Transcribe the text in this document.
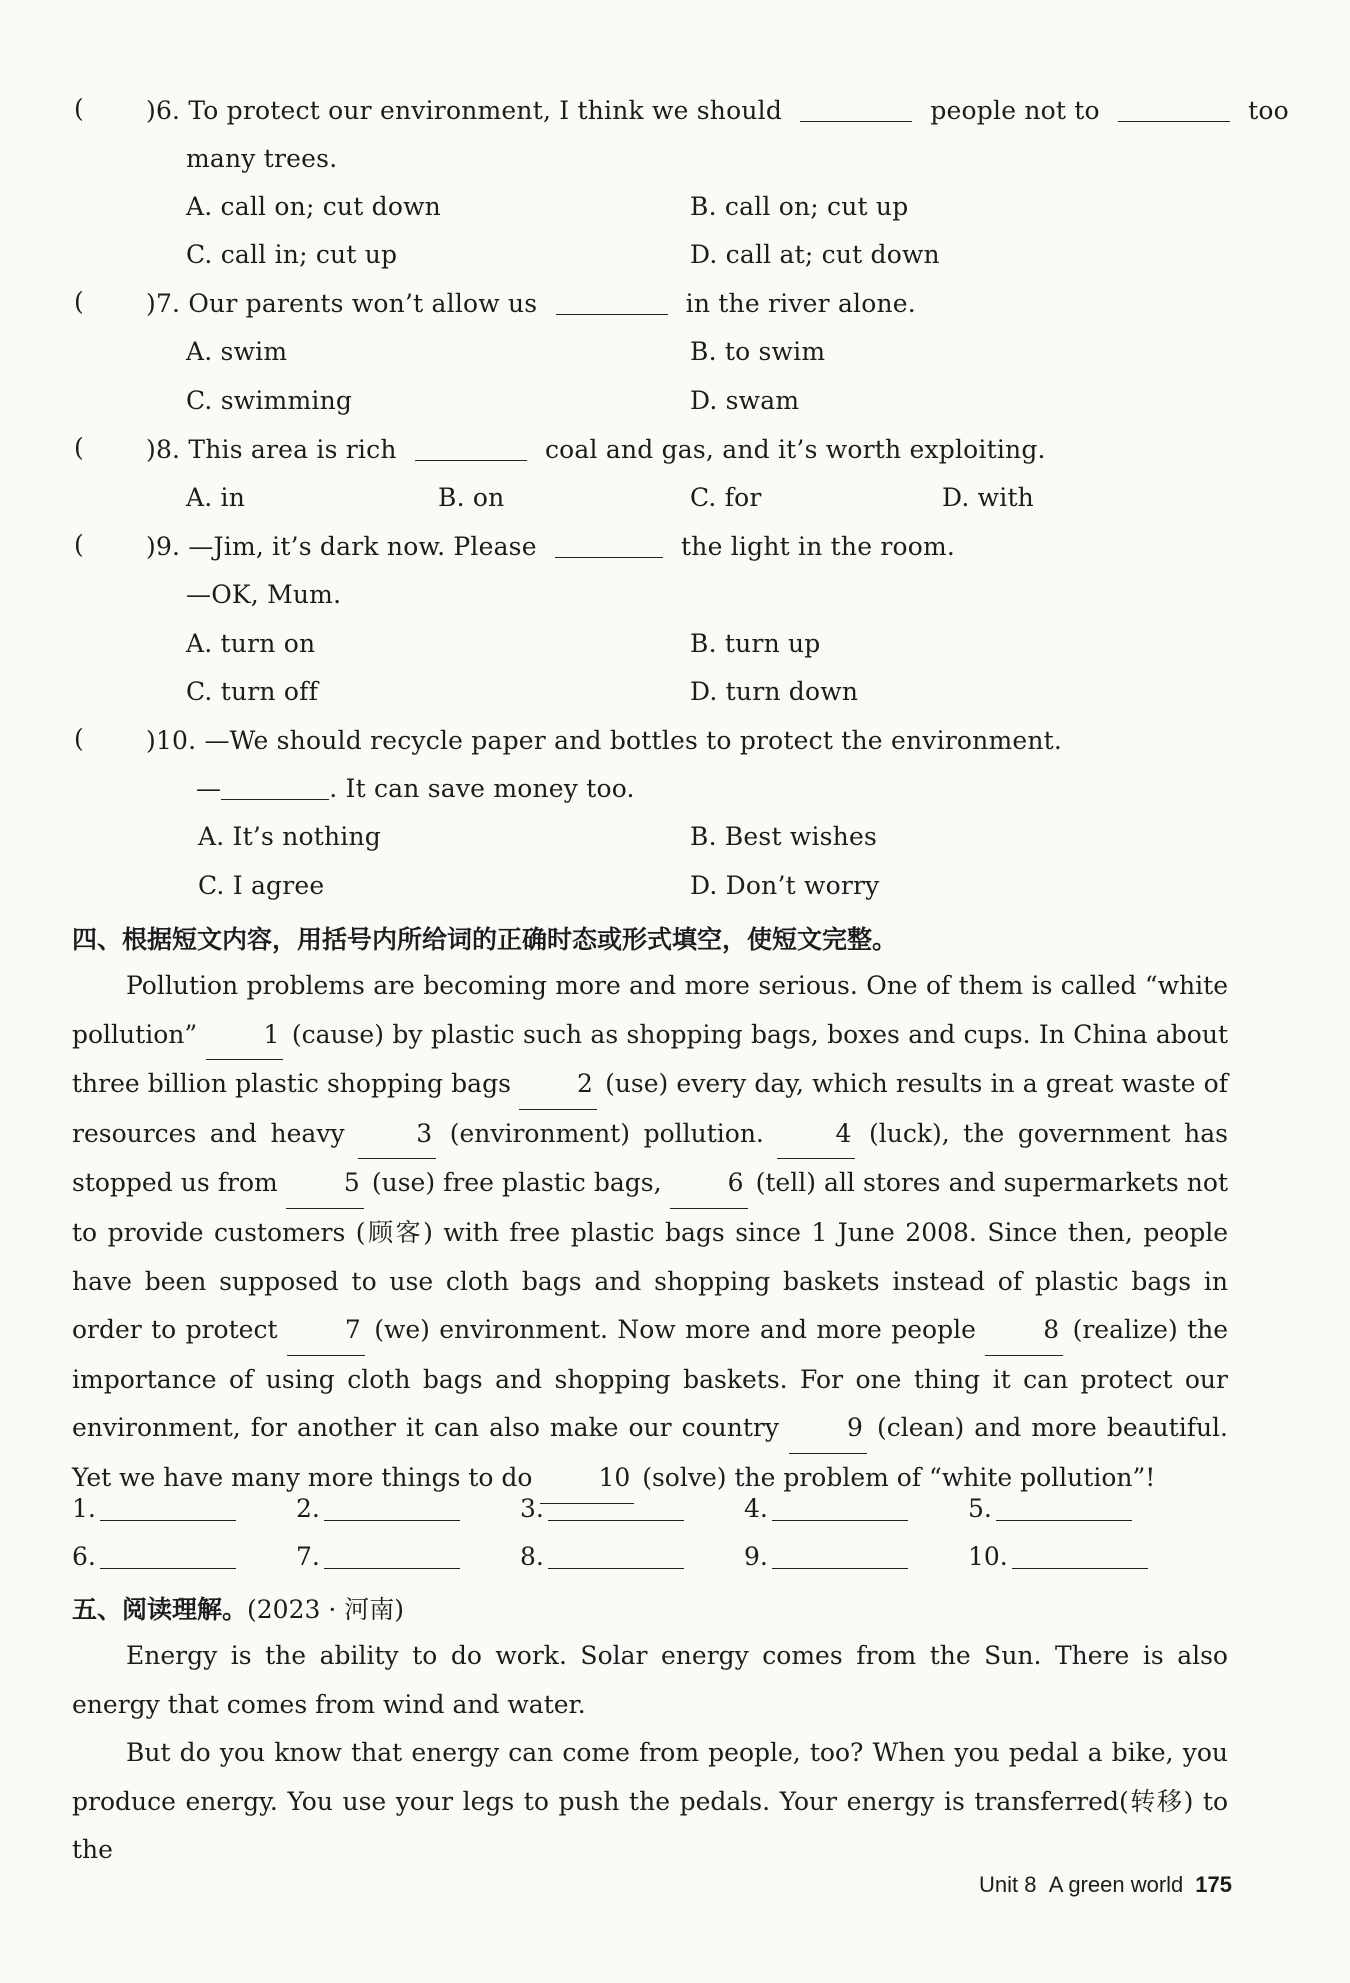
( )6. To protect our environment, I think we should	people not to	too
many trees.
A. call on; cut down	B. call on; cut up
C. call in; cut up	D. call at; cut down
( )7. Our parents won’t allow us	in the river alone.
A. swim	B. to swim
C. swimming	D. swam
( )8. This area is rich	coal and gas, and it’s worth exploiting.
A. in	B. on	C. for	D. with
( )9. —Jim, it’s dark now. Please	the light in the room.
—OK, Mum.
A. turn on	B. turn up
C. turn off	D. turn down
( )10. —We should recycle paper and bottles to protect the environment.
—	. It can save money too.
A. It’s nothing	B. Best wishes
C. I agree	D. Don’t worry
四、根据短文内容，用括号内所给词的正确时态或形式填空，使短文完整。
Pollution problems are becoming more and more serious. One of them is called “white pollution”	1 (cause) by plastic such as shopping bags, boxes and cups. In China about three billion plastic shopping bags	2 (use) every day, which results in a great waste of resources and heavy	3 (environment) pollution.	4 (luck), the government has stopped us from	5 (use) free plastic bags,	6 (tell) all stores and supermarkets not to provide customers (顾客) with free plastic bags since 1 June 2008. Since then, people have been supposed to use cloth bags and shopping baskets instead of plastic bags in order to protect	7 (we) environment. Now more and more people	8 (realize) the importance of using cloth bags and shopping baskets. For one thing it can protect our environment, for another it can also make our country	9 (clean) and more beautiful. Yet we have many more things to do	10 (solve) the problem of “white pollution”!
1.	2.	3.	4.	5.
6.	7.	8.	9.	10.
五、阅读理解。(2023 · 河南)
Energy is the ability to do work. Solar energy comes from the Sun. There is also energy that comes from wind and water.
But do you know that energy can come from people, too? When you pedal a bike, you produce energy. You use your legs to push the pedals. Your energy is transferred(转移) to the
Unit 8 A green world 175
